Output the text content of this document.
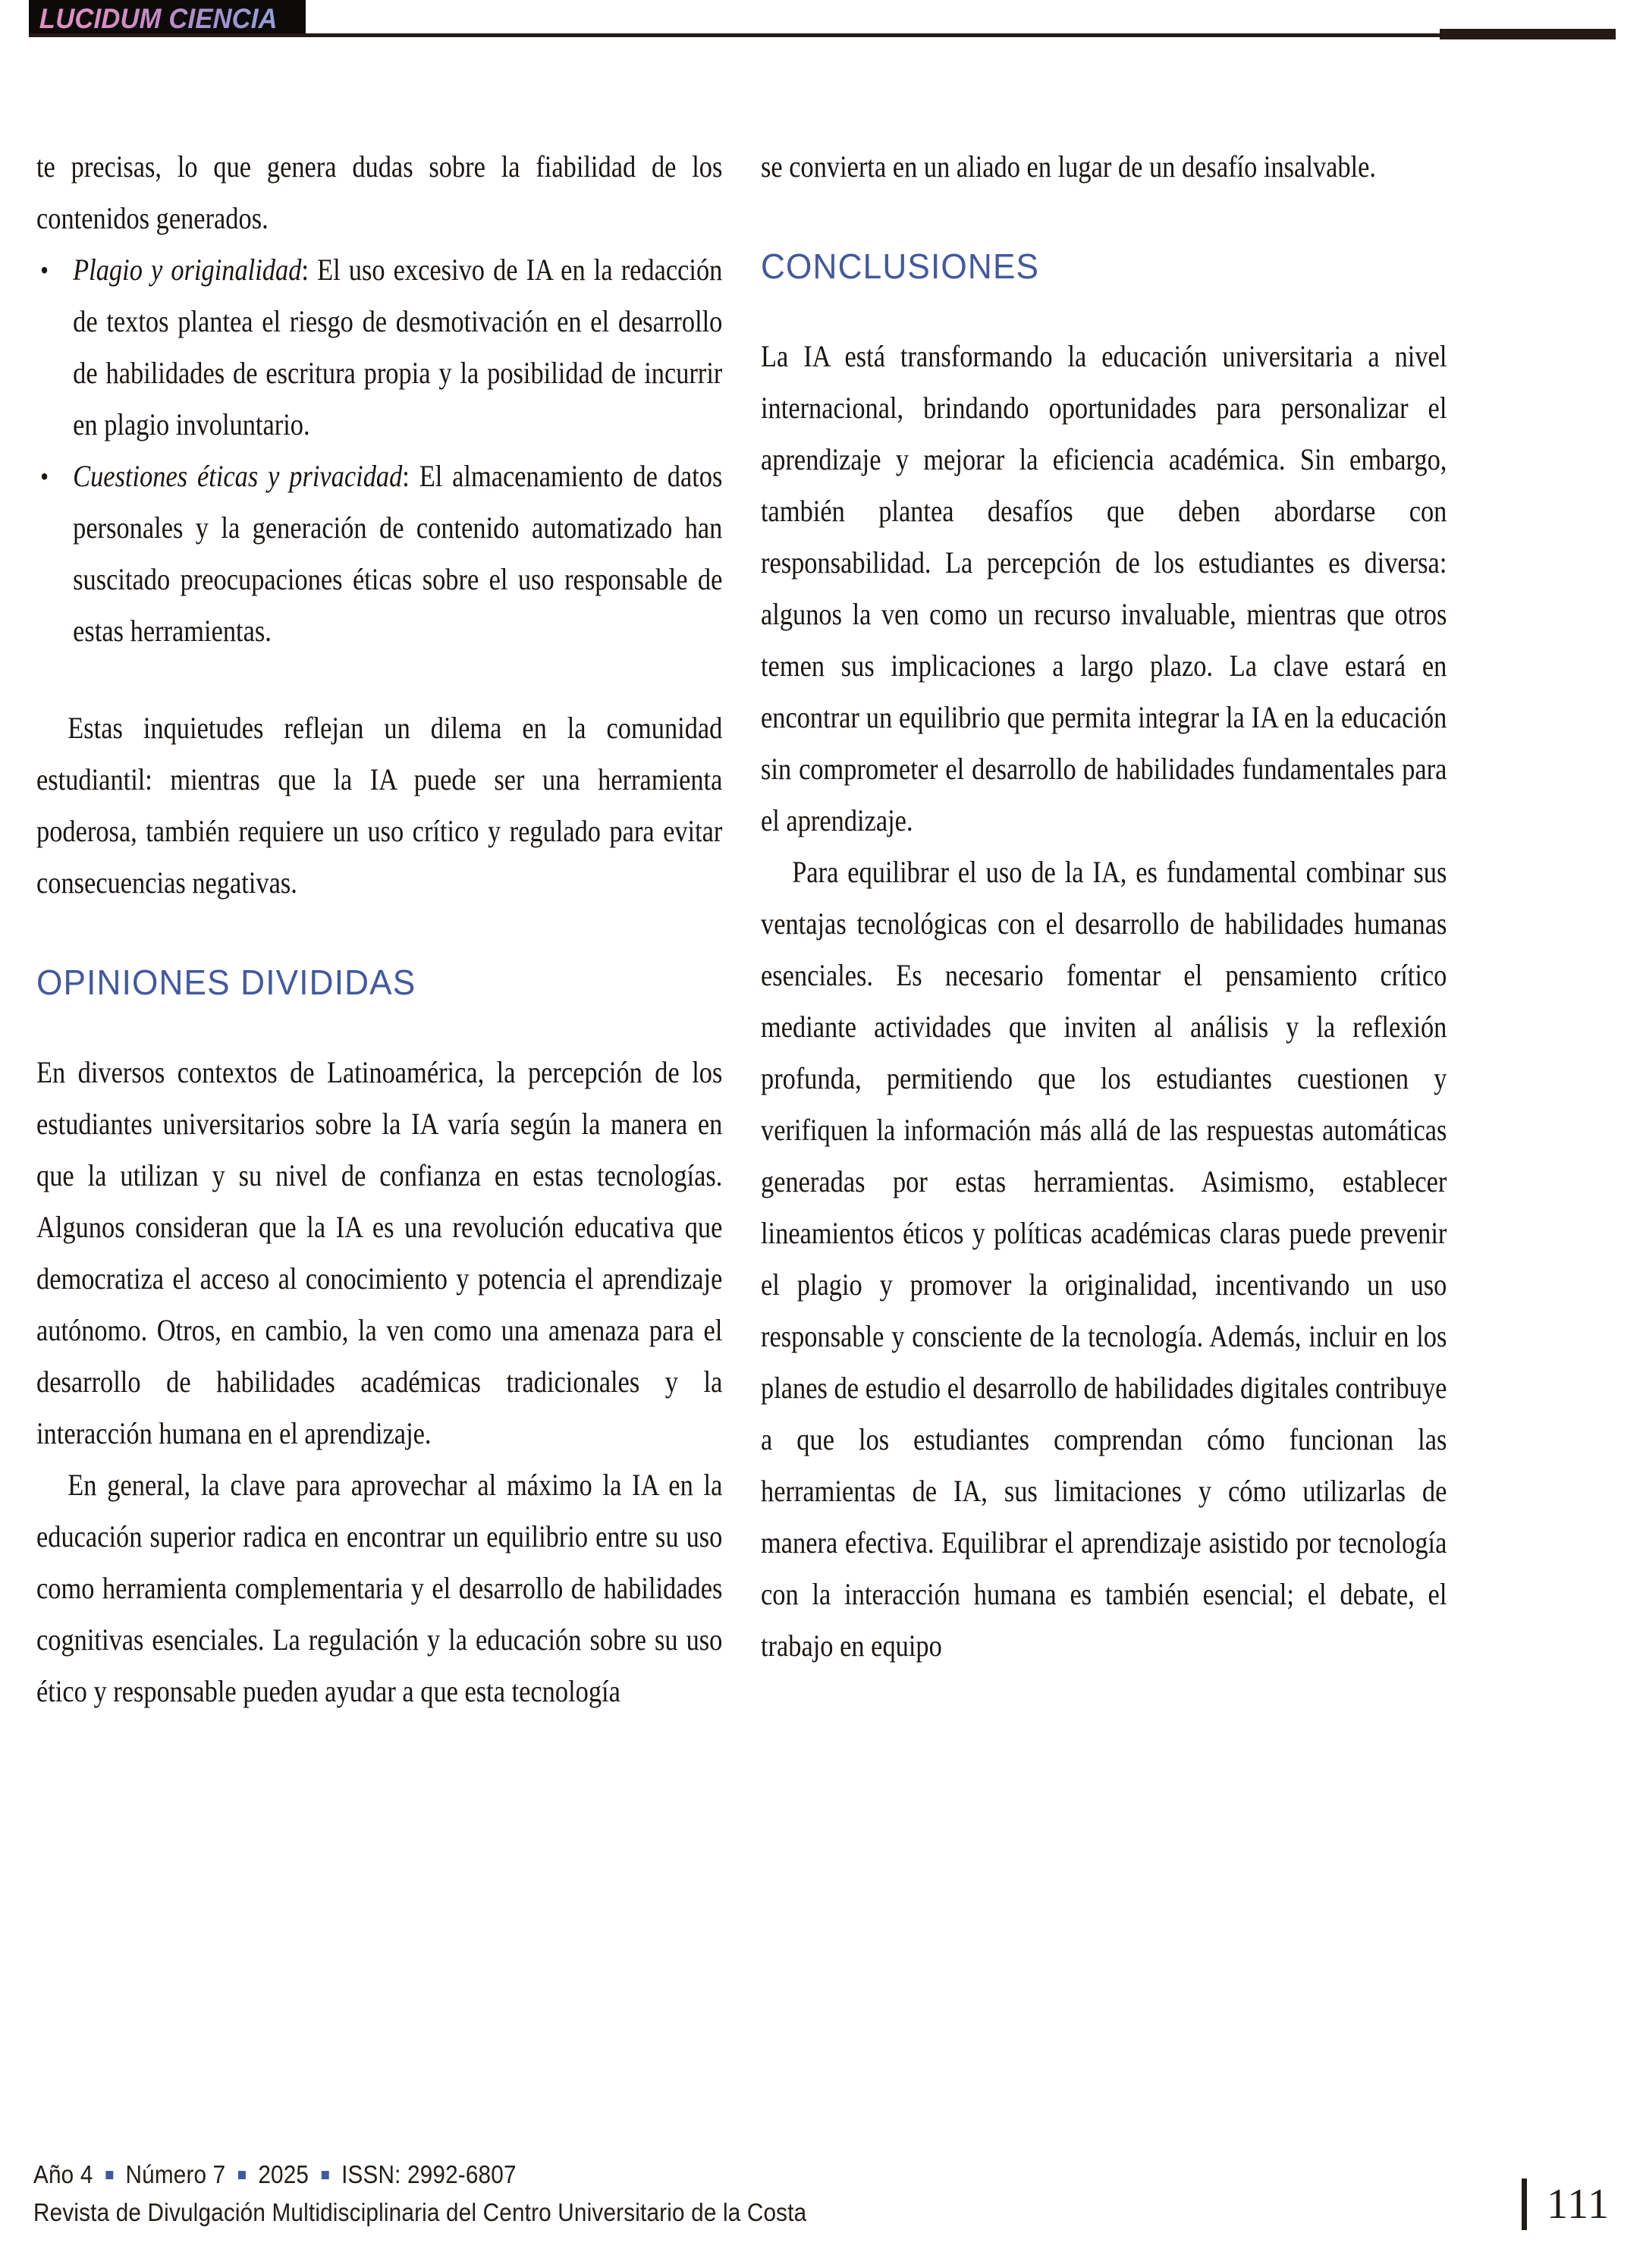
LUCIDUM CIENCIA

te precisas, lo que genera dudas sobre la fiabilidad de los contenidos generados.

• Plagio y originalidad: El uso excesivo de IA en la redacción de textos plantea el riesgo de desmotivación en el desarrollo de habilidades de escritura propia y la posibilidad de incurrir en plagio involuntario.
• Cuestiones éticas y privacidad: El almacenamiento de datos personales y la generación de contenido automatizado han suscitado preocupaciones éticas sobre el uso responsable de estas herramientas.

Estas inquietudes reflejan un dilema en la comunidad estudiantil: mientras que la IA puede ser una herramienta poderosa, también requiere un uso crítico y regulado para evitar consecuencias negativas.

OPINIONES DIVIDIDAS

En diversos contextos de Latinoamérica, la percepción de los estudiantes universitarios sobre la IA varía según la manera en que la utilizan y su nivel de confianza en estas tecnologías. Algunos consideran que la IA es una revolución educativa que democratiza el acceso al conocimiento y potencia el aprendizaje autónomo. Otros, en cambio, la ven como una amenaza para el desarrollo de habilidades académicas tradicionales y la interacción humana en el aprendizaje.

En general, la clave para aprovechar al máximo la IA en la educación superior radica en encontrar un equilibrio entre su uso como herramienta complementaria y el desarrollo de habilidades cognitivas esenciales. La regulación y la educación sobre su uso ético y responsable pueden ayudar a que esta tecnología

se convierta en un aliado en lugar de un desafío insalvable.

CONCLUSIONES

La IA está transformando la educación universitaria a nivel internacional, brindando oportunidades para personalizar el aprendizaje y mejorar la eficiencia académica. Sin embargo, también plantea desafíos que deben abordarse con responsabilidad. La percepción de los estudiantes es diversa: algunos la ven como un recurso invaluable, mientras que otros temen sus implicaciones a largo plazo. La clave estará en encontrar un equilibrio que permita integrar la IA en la educación sin comprometer el desarrollo de habilidades fundamentales para el aprendizaje.

Para equilibrar el uso de la IA, es fundamental combinar sus ventajas tecnológicas con el desarrollo de habilidades humanas esenciales. Es necesario fomentar el pensamiento crítico mediante actividades que inviten al análisis y la reflexión profunda, permitiendo que los estudiantes cuestionen y verifiquen la información más allá de las respuestas automáticas generadas por estas herramientas. Asimismo, establecer lineamientos éticos y políticas académicas claras puede prevenir el plagio y promover la originalidad, incentivando un uso responsable y consciente de la tecnología. Además, incluir en los planes de estudio el desarrollo de habilidades digitales contribuye a que los estudiantes comprendan cómo funcionan las herramientas de IA, sus limitaciones y cómo utilizarlas de manera efectiva. Equilibrar el aprendizaje asistido por tecnología con la interacción humana es también esencial; el debate, el trabajo en equipo

Año 4 Número 7 2025 ISSN: 2992-6807
Revista de Divulgación Multidisciplinaria del Centro Universitario de la Costa	111
